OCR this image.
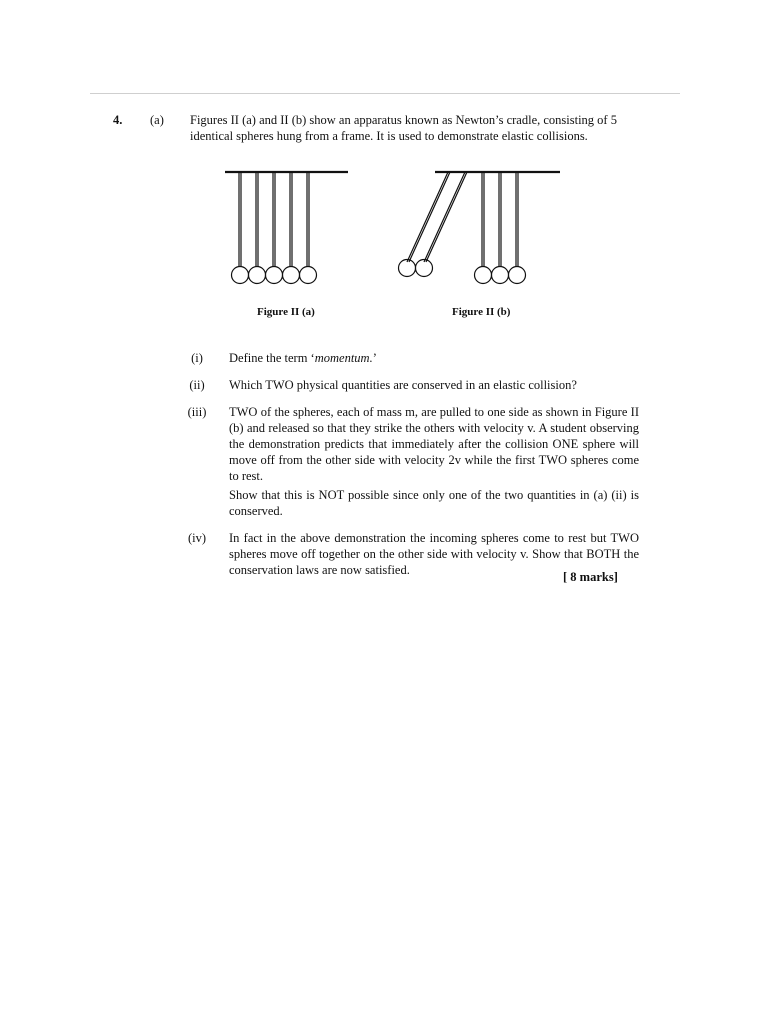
4. (a) Figures II (a) and II (b) show an apparatus known as Newton’s cradle, consisting of 5 identical spheres hung from a frame. It is used to demonstrate elastic collisions.
Figure II (a)	Figure II (b)
(i)	Define the term ‘momentum.’
(ii)	Which TWO physical quantities are conserved in an elastic collision?
(iii)	TWO of the spheres, each of mass m, are pulled to one side as shown in Figure II (b) and released so that they strike the others with velocity v. A student observing the demonstration predicts that immediately after the collision ONE sphere will move off from the other side with velocity 2v while the first TWO spheres come to rest.
Show that this is NOT possible since only one of the two quantities in (a) (ii) is conserved.
(iv)	In fact in the above demonstration the incoming spheres come to rest but TWO spheres move off together on the other side with velocity v. Show that BOTH the conservation laws are now satisfied.	[ 8 marks]
